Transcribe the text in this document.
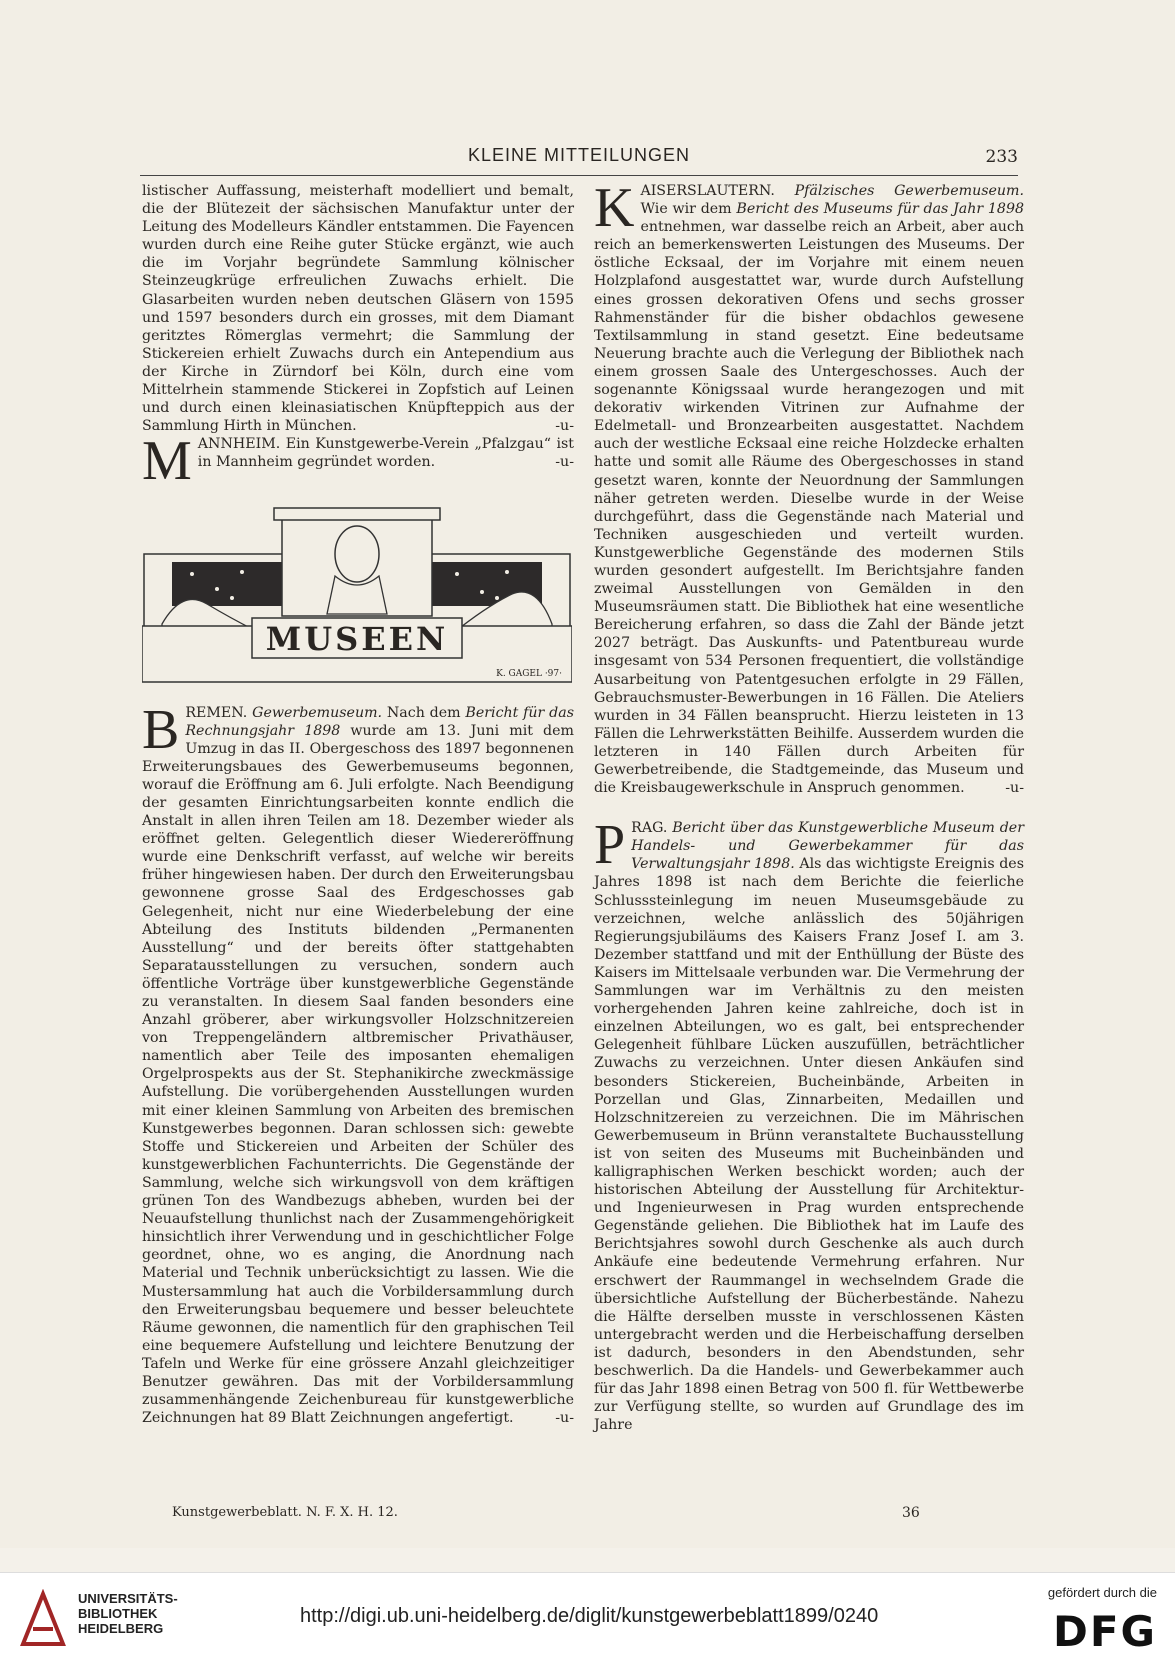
KLEINE MITTEILUNGEN	233

listischer Auffassung, meisterhaft modelliert und bemalt, die der Blütezeit der sächsischen Manufaktur unter der Leitung des Modelleurs Kändler entstammen. Die Fayencen wurden durch eine Reihe guter Stücke ergänzt, wie auch die im Vorjahr begründete Sammlung kölnischer Steinzeugkrüge erfreulichen Zuwachs erhielt. Die Glasarbeiten wurden neben deutschen Gläsern von 1595 und 1597 besonders durch ein grosses, mit dem Diamant geritztes Römerglas vermehrt; die Sammlung der Stickereien erhielt Zuwachs durch ein Antependium aus der Kirche in Zürndorf bei Köln, durch eine vom Mittelrhein stammende Stickerei in Zopfstich auf Leinen und durch einen kleinasiatischen Knüpfteppich aus der Sammlung Hirth in München.	-u-

MANNHEIM. Ein Kunstgewerbe-Verein „Pfalzgau“ ist in Mannheim gegründet worden.	-u-

MUSEEN
K. GAGEL ·97·

BREMEN. Gewerbemuseum. Nach dem Bericht für das Rechnungsjahr 1898 wurde am 13. Juni mit dem Umzug in das II. Obergeschoss des 1897 begonnenen Erweiterungsbaues des Gewerbemuseums begonnen, worauf die Eröffnung am 6. Juli erfolgte. Nach Beendigung der gesamten Einrichtungsarbeiten konnte endlich die Anstalt in allen ihren Teilen am 18. Dezember wieder als eröffnet gelten. Gelegentlich dieser Wiedereröffnung wurde eine Denkschrift verfasst, auf welche wir bereits früher hingewiesen haben. Der durch den Erweiterungsbau gewonnene grosse Saal des Erdgeschosses gab Gelegenheit, nicht nur eine Wiederbelebung der eine Abteilung des Instituts bildenden „Permanenten Ausstellung“ und der bereits öfter stattgehabten Separatausstellungen zu versuchen, sondern auch öffentliche Vorträge über kunstgewerbliche Gegenstände zu veranstalten. In diesem Saal fanden besonders eine Anzahl gröberer, aber wirkungsvoller Holzschnitzereien von Treppengeländern altbremischer Privathäuser, namentlich aber Teile des imposanten ehemaligen Orgelprospekts aus der St. Stephanikirche zweckmässige Aufstellung. Die vorübergehenden Ausstellungen wurden mit einer kleinen Sammlung von Arbeiten des bremischen Kunstgewerbes begonnen. Daran schlossen sich: gewebte Stoffe und Stickereien und Arbeiten der Schüler des kunstgewerblichen Fachunterrichts. Die Gegenstände der Sammlung, welche sich wirkungsvoll von dem kräftigen grünen Ton des Wandbezugs abheben, wurden bei der Neuaufstellung thunlichst nach der Zusammengehörigkeit hinsichtlich ihrer Verwendung und in geschichtlicher Folge geordnet, ohne, wo es anging, die Anordnung nach Material und Technik unberücksichtigt zu lassen. Wie die Mustersammlung hat auch die Vorbildersammlung durch den Erweiterungsbau bequemere und besser beleuchtete Räume gewonnen, die namentlich für den graphischen Teil eine bequemere Aufstellung und leichtere Benutzung der Tafeln und Werke für eine grössere Anzahl gleichzeitiger Benutzer gewähren. Das mit der Vorbildersammlung zusammenhängende Zeichenbureau für kunstgewerbliche Zeichnungen hat 89 Blatt Zeichnungen angefertigt.	-u-

KAISERSLAUTERN. Pfälzisches Gewerbemuseum. Wie wir dem Bericht des Museums für das Jahr 1898 entnehmen, war dasselbe reich an Arbeit, aber auch reich an bemerkenswerten Leistungen des Museums. Der östliche Ecksaal, der im Vorjahre mit einem neuen Holzplafond ausgestattet war, wurde durch Aufstellung eines grossen dekorativen Ofens und sechs grosser Rahmenständer für die bisher obdachlos gewesene Textilsammlung in stand gesetzt. Eine bedeutsame Neuerung brachte auch die Verlegung der Bibliothek nach einem grossen Saale des Untergeschosses. Auch der sogenannte Königssaal wurde herangezogen und mit dekorativ wirkenden Vitrinen zur Aufnahme der Edelmetall- und Bronzearbeiten ausgestattet. Nachdem auch der westliche Ecksaal eine reiche Holzdecke erhalten hatte und somit alle Räume des Obergeschosses in stand gesetzt waren, konnte der Neuordnung der Sammlungen näher getreten werden. Dieselbe wurde in der Weise durchgeführt, dass die Gegenstände nach Material und Techniken ausgeschieden und verteilt wurden. Kunstgewerbliche Gegenstände des modernen Stils wurden gesondert aufgestellt. Im Berichtsjahre fanden zweimal Ausstellungen von Gemälden in den Museumsräumen statt. Die Bibliothek hat eine wesentliche Bereicherung erfahren, so dass die Zahl der Bände jetzt 2027 beträgt. Das Auskunfts- und Patentbureau wurde insgesamt von 534 Personen frequentiert, die vollständige Ausarbeitung von Patentgesuchen erfolgte in 29 Fällen, Gebrauchsmuster-Bewerbungen in 16 Fällen. Die Ateliers wurden in 34 Fällen beansprucht. Hierzu leisteten in 13 Fällen die Lehrwerkstätten Beihilfe. Ausserdem wurden die letzteren in 140 Fällen durch Arbeiten für Gewerbetreibende, die Stadtgemeinde, das Museum und die Kreisbaugewerkschule in Anspruch genommen.	-u-

PRAG. Bericht über das Kunstgewerbliche Museum der Handels- und Gewerbekammer für das Verwaltungsjahr 1898. Als das wichtigste Ereignis des Jahres 1898 ist nach dem Berichte die feierliche Schlusssteinlegung im neuen Museumsgebäude zu verzeichnen, welche anlässlich des 50jährigen Regierungsjubiläums des Kaisers Franz Josef I. am 3. Dezember stattfand und mit der Enthüllung der Büste des Kaisers im Mittelsaale verbunden war. Die Vermehrung der Sammlungen war im Verhältnis zu den meisten vorhergehenden Jahren keine zahlreiche, doch ist in einzelnen Abteilungen, wo es galt, bei entsprechender Gelegenheit fühlbare Lücken auszufüllen, beträchtlicher Zuwachs zu verzeichnen. Unter diesen Ankäufen sind besonders Stickereien, Bucheinbände, Arbeiten in Porzellan und Glas, Zinnarbeiten, Medaillen und Holzschnitzereien zu verzeichnen. Die im Mährischen Gewerbemuseum in Brünn veranstaltete Buchausstellung ist von seiten des Museums mit Bucheinbänden und kalligraphischen Werken beschickt worden; auch der historischen Abteilung der Ausstellung für Architektur- und Ingenieurwesen in Prag wurden entsprechende Gegenstände geliehen. Die Bibliothek hat im Laufe des Berichtsjahres sowohl durch Geschenke als auch durch Ankäufe eine bedeutende Vermehrung erfahren. Nur erschwert der Raummangel in wechselndem Grade die übersichtliche Aufstellung der Bücherbestände. Nahezu die Hälfte derselben musste in verschlossenen Kästen untergebracht werden und die Herbeischaffung derselben ist dadurch, besonders in den Abendstunden, sehr beschwerlich. Da die Handels- und Gewerbekammer auch für das Jahr 1898 einen Betrag von 500 fl. für Wettbewerbe zur Verfügung stellte, so wurden auf Grundlage des im Jahre

Kunstgewerbeblatt. N. F. X. H. 12.	36
UNIVERSITÄTS-
BIBLIOTHEK
HEIDELBERG
http://digi.ub.uni-heidelberg.de/diglit/kunstgewerbeblatt1899/0240
gefördert durch die
DFG
